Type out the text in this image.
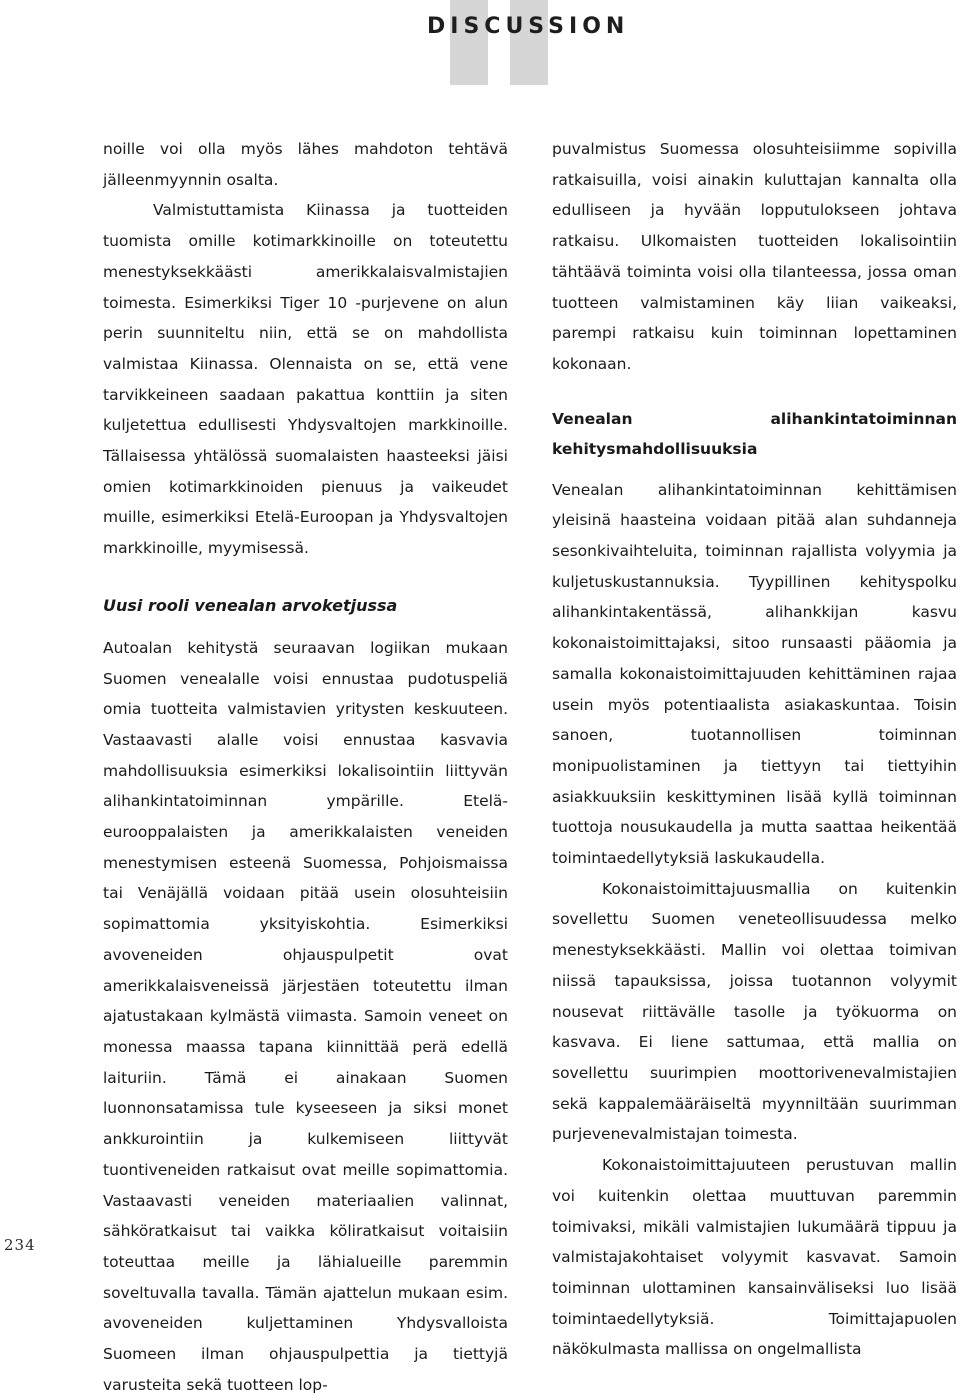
DISCUSSION
234

noille voi olla myös lähes mahdoton tehtävä jälleenmyynnin osalta.

Valmistuttamista Kiinassa ja tuotteiden tuomista omille kotimarkkinoille on toteutettu menestyksekkäästi amerikkalaisvalmistajien toimesta. Esimerkiksi Tiger 10 -purjevene on alun perin suunniteltu niin, että se on mahdollista valmistaa Kiinassa. Olennaista on se, että vene tarvikkeineen saadaan pakattua konttiin ja siten kuljetettua edullisesti Yhdysvaltojen markkinoille. Tällaisessa yhtälössä suomalaisten haasteeksi jäisi omien kotimarkkinoiden pienuus ja vaikeudet muille, esimerkiksi Etelä-Euroopan ja Yhdysvaltojen markkinoille, myymisessä.

Uusi rooli venealan arvoketjussa

Autoalan kehitystä seuraavan logiikan mukaan Suomen venealalle voisi ennustaa pudotuspeliä omia tuotteita valmistavien yritysten keskuuteen. Vastaavasti alalle voisi ennustaa kasvavia mahdollisuuksia esimerkiksi lokalisointiin liittyvän alihankintatoiminnan ympärille. Etelä-eurooppalaisten ja amerikkalaisten veneiden menestymisen esteenä Suomessa, Pohjoismaissa tai Venäjällä voidaan pitää usein olosuhteisiin sopimattomia yksityiskohtia. Esimerkiksi avoveneiden ohjauspulpetit ovat amerikkalaisveneissä järjestäen toteutettu ilman ajatustakaan kylmästä viimasta. Samoin veneet on monessa maassa tapana kiinnittää perä edellä laituriin. Tämä ei ainakaan Suomen luonnonsatamissa tule kyseeseen ja siksi monet ankkurointiin ja kulkemiseen liittyvät tuontiveneiden ratkaisut ovat meille sopimattomia. Vastaavasti veneiden materiaalien valinnat, sähköratkaisut tai vaikka köliratkaisut voitaisiin toteuttaa meille ja lähialueille paremmin soveltuvalla tavalla. Tämän ajattelun mukaan esim. avoveneiden kuljettaminen Yhdysvalloista Suomeen ilman ohjauspulpettia ja tiettyjä varusteita sekä tuotteen lop-

puvalmistus Suomessa olosuhteisiimme sopivilla ratkaisuilla, voisi ainakin kuluttajan kannalta olla edulliseen ja hyvään lopputulokseen johtava ratkaisu. Ulkomaisten tuotteiden lokalisointiin tähtäävä toiminta voisi olla tilanteessa, jossa oman tuotteen valmistaminen käy liian vaikeaksi, parempi ratkaisu kuin toiminnan lopettaminen kokonaan.

Venealan alihankintatoiminnan kehitysmahdollisuuksia

Venealan alihankintatoiminnan kehittämisen yleisinä haasteina voidaan pitää alan suhdanneja sesonkivaihteluita, toiminnan rajallista volyymia ja kuljetuskustannuksia. Tyypillinen kehityspolku alihankintakentässä, alihankkijan kasvu kokonaistoimittajaksi, sitoo runsaasti pääomia ja samalla kokonaistoimittajuuden kehittäminen rajaa usein myös potentiaalista asiakaskuntaa. Toisin sanoen, tuotannollisen toiminnan monipuolistaminen ja tiettyyn tai tiettyihin asiakkuuksiin keskittyminen lisää kyllä toiminnan tuottoja nousukaudella ja mutta saattaa heikentää toimintaedellytyksiä laskukaudella.

Kokonaistoimittajuusmallia on kuitenkin sovellettu Suomen veneteollisuudessa melko menestyksekkäästi. Mallin voi olettaa toimivan niissä tapauksissa, joissa tuotannon volyymit nousevat riittävälle tasolle ja työkuorma on kasvava. Ei liene sattumaa, että mallia on sovellettu suurimpien moottorivenevalmistajien sekä kappalemääräiseltä myynniltään suurimman purjevenevalmistajan toimesta.

Kokonaistoimittajuuteen perustuvan mallin voi kuitenkin olettaa muuttuvan paremmin toimivaksi, mikäli valmistajien lukumäärä tippuu ja valmistajakohtaiset volyymit kasvavat. Samoin toiminnan ulottaminen kansainväliseksi luo lisää toimintaedellytyksiä. Toimittajapuolen näkökulmasta mallissa on ongelmallista
